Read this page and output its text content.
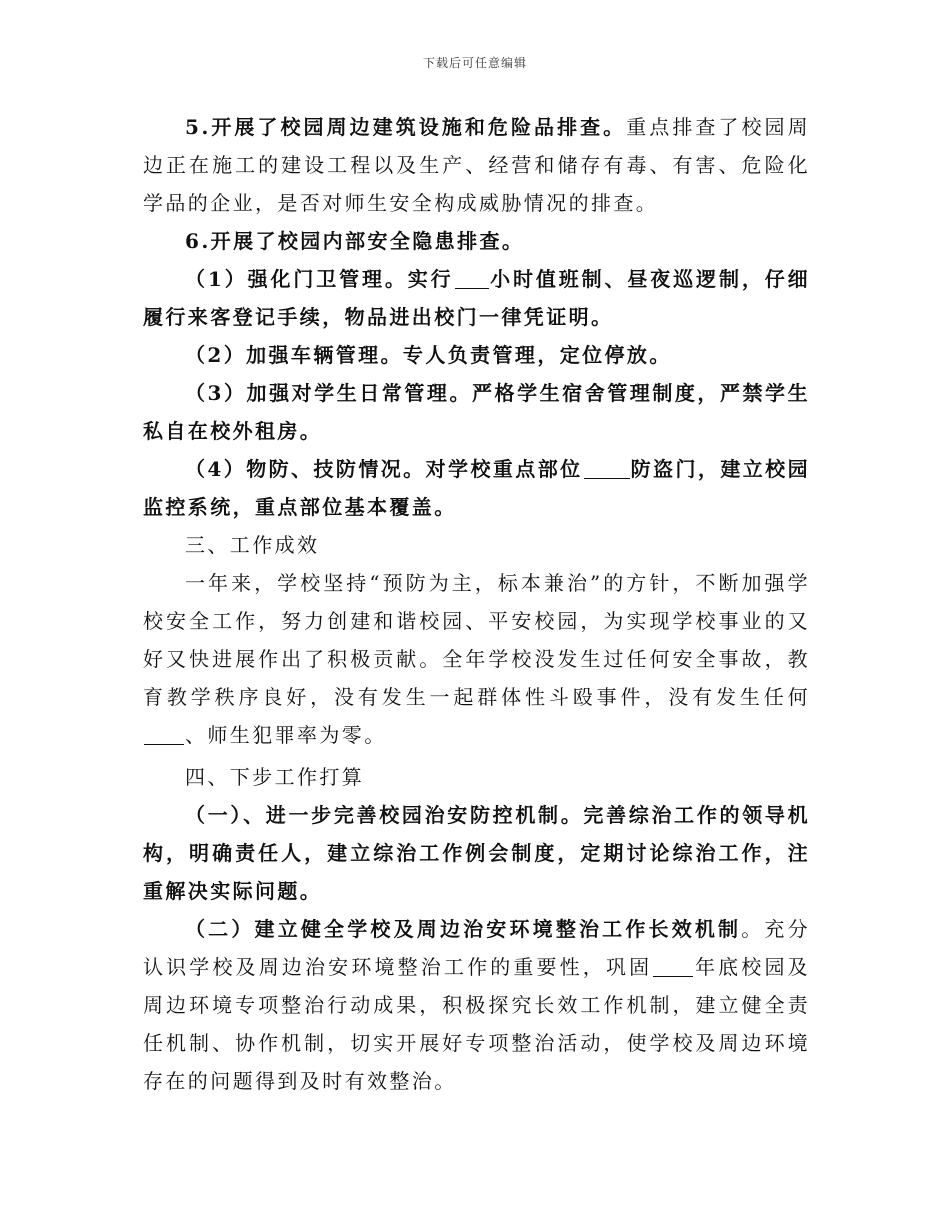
下载后可任意编辑

5.开展了校园周边建筑设施和危险品排查。重点排查了校园周边正在施工的建设工程以及生产、经营和储存有毒、有害、危险化学品的企业，是否对师生安全构成威胁情况的排查。

6.开展了校园内部安全隐患排查。

（1）强化门卫管理。实行 小时值班制、昼夜巡逻制，仔细履行来客登记手续，物品进出校门一律凭证明。

（2）加强车辆管理。专人负责管理，定位停放。

（3）加强对学生日常管理。严格学生宿舍管理制度，严禁学生私自在校外租房。

（4）物防、技防情况。对学校重点部位 防盗门，建立校园监控系统，重点部位基本覆盖。

三、工作成效

一年来，学校坚持“预防为主，标本兼治”的方针，不断加强学校安全工作，努力创建和谐校园、平安校园，为实现学校事业的又好又快进展作出了积极贡献。全年学校没发生过任何安全事故，教育教学秩序良好，没有发生一起群体性斗殴事件，没有发生任何、师生犯罪率为零。

四、下步工作打算

（一）、进一步完善校园治安防控机制。完善综治工作的领导机构，明确责任人，建立综治工作例会制度，定期讨论综治工作，注重解决实际问题。

（二）建立健全学校及周边治安环境整治工作长效机制。充分认识学校及周边治安环境整治工作的重要性，巩固 年底校园及周边环境专项整治行动成果，积极探究长效工作机制，建立健全责任机制、协作机制，切实开展好专项整治活动，使学校及周边环境存在的问题得到及时有效整治。
